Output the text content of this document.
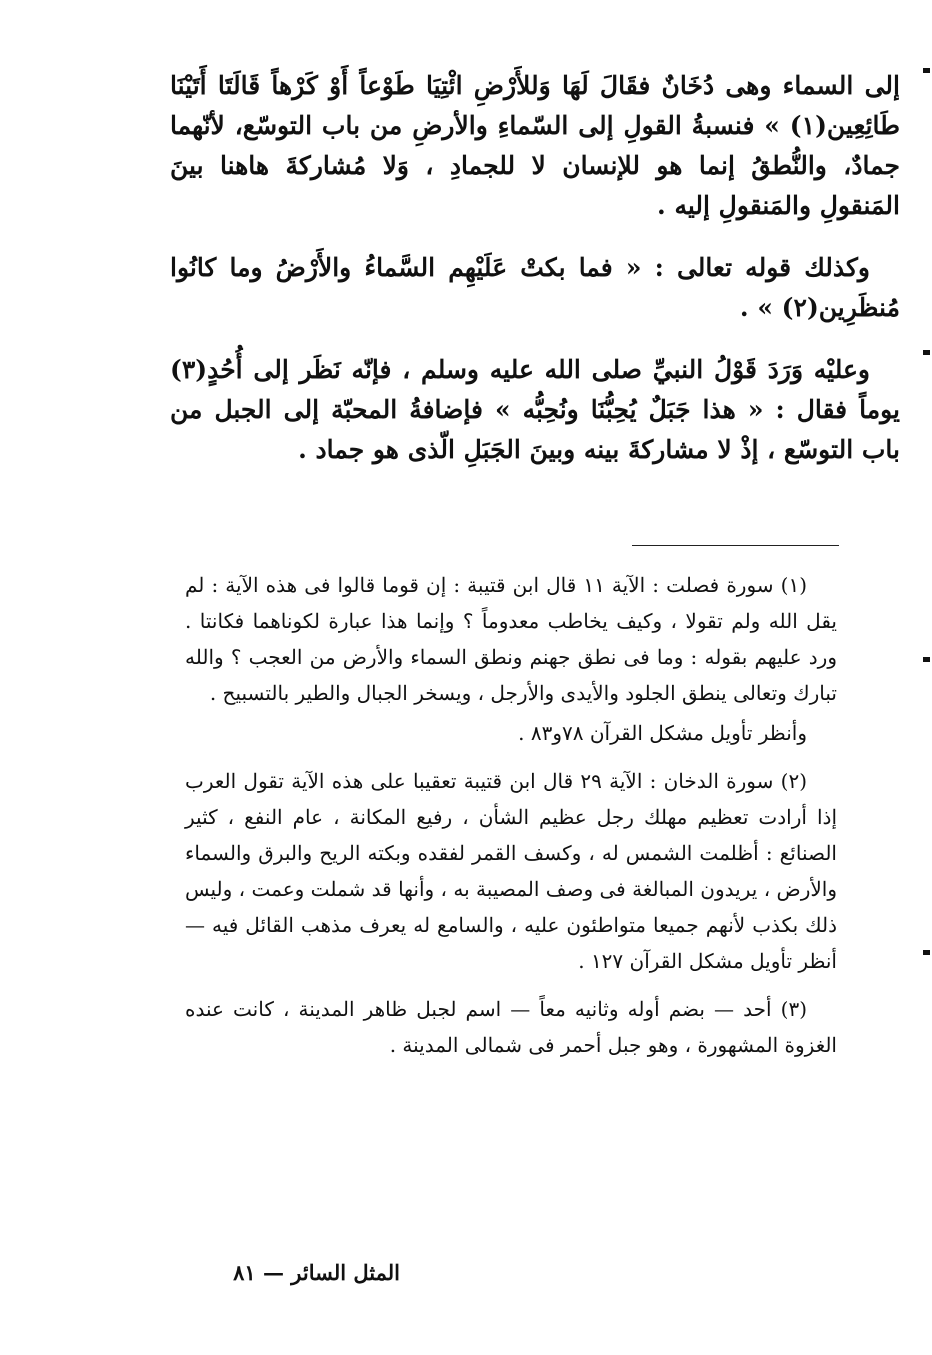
إلى السماء وهى دُخَانٌ فقَالَ لَهَا وَللأَرْضِ ائْتِيَا طَوْعاً أَوْ كَرْهاً قَالَتَا أَتَيْنَا طَائِعِين(١) » فنسبةُ القولِ إلى السّماءِ والأرضِ من باب التوسّع، لأنّهما جمادٌ، والنُّطقُ إنما هو للإنسان لا للجمادِ ، وَلا مُشاركةَ هاهنا بينَ المَنقولِ والمَنقولِ إليه .

وكذلك قوله تعالى : « فما بكتْ عَلَيْهِم السَّماءُ والأَرْضُ وما كانُوا مُنظَرِين(٢) » .

وعليْه وَرَدَ قَوْلُ النبيِّ صلى الله عليه وسلم ، فإنّه نَظَر إلى أُحُدٍ(٣) يوماً فقال : « هذا جَبَلٌ يُحِبُّنَا ونُحِبُّه » فإضافةُ المحبّة إلى الجبل من باب التوسّع ، إذْ لا مشاركةَ بينه وبينَ الجَبَلِ الّذى هو جماد .

(١) سورة فصلت : الآية ١١ قال ابن قتيبة : إن قوما قالوا فى هذه الآية : لم يقل الله ولم تقولا ، وكيف يخاطب معدوماً ؟ وإنما هذا عبارة لكوناهما فكانتا . ورد عليهم بقوله : وما فى نطق جهنم ونطق السماء والأرض من العجب ؟ والله تبارك وتعالى ينطق الجلود والأيدى والأرجل ، ويسخر الجبال والطير بالتسبيح .

وأنظر تأويل مشكل القرآن ٧٨و٨٣ .

(٢) سورة الدخان : الآية ٢٩ قال ابن قتيبة تعقيبا على هذه الآية تقول العرب إذا أرادت تعظيم مهلك رجل عظيم الشأن ، رفيع المكانة ، عام النفع ، كثير الصنائع : أظلمت الشمس له ، وكسف القمر لفقده وبكته الريح والبرق والسماء والأرض ، يريدون المبالغة فى وصف المصيبة به ، وأنها قد شملت وعمت ، وليس ذلك بكذب لأنهم جميعا متواطئون عليه ، والسامع له يعرف مذهب القائل فيه — أنظر تأويل مشكل القرآن ١٢٧ .

(٣) أحد — بضم أوله وثانيه معاً — اسم لجبل ظاهر المدينة ، كانت عنده الغزوة المشهورة ، وهو جبل أحمر فى شمالى المدينة .

المثل السائر — ٨١
